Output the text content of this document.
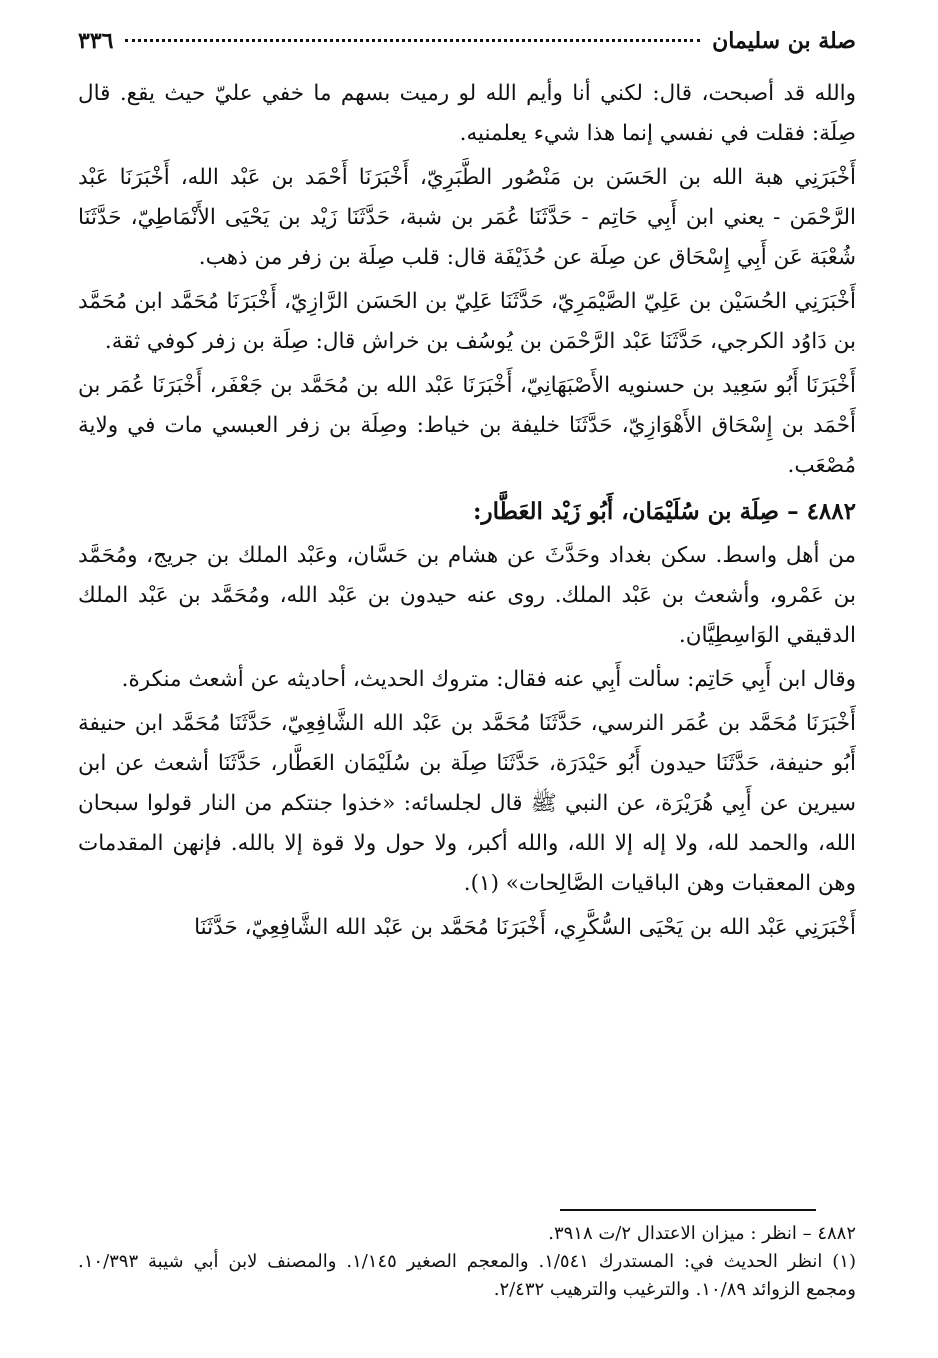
صلة بن سليمان
٣٣٦

والله قد أصبحت، قال: لكني أنا وأيم الله لو رميت بسهم ما خفي عليّ حيث يقع. قال صِلَة: فقلت في نفسي إنما هذا شيء يعلمنيه.

أَخْبَرَنِي هبة الله بن الحَسَن بن مَنْصُور الطَّبَرِيّ، أَخْبَرَنَا أَحْمَد بن عَبْد الله، أَخْبَرَنَا عَبْد الرَّحْمَن - يعني ابن أَبِي حَاتِم - حَدَّثَنَا عُمَر بن شبة، حَدَّثَنَا زَيْد بن يَحْيَى الأَنْمَاطِيّ، حَدَّثَنَا شُعْبَة عَن أَبِي إِسْحَاق عن صِلَة عن حُذَيْفَة قال: قلب صِلَة بن زفر من ذهب.

أَخْبَرَنِي الحُسَيْن بن عَلِيّ الصَّيْمَرِيّ، حَدَّثَنَا عَلِيّ بن الحَسَن الرَّازِيّ، أَخْبَرَنَا مُحَمَّد ابن مُحَمَّد بن دَاوُد الكرجي، حَدَّثَنَا عَبْد الرَّحْمَن بن يُوسُف بن خراش قال: صِلَة بن زفر كوفي ثقة.

أَخْبَرَنَا أَبُو سَعِيد بن حسنويه الأَصْبَهَانِيّ، أَخْبَرَنَا عَبْد الله بن مُحَمَّد بن جَعْفَر، أَخْبَرَنَا عُمَر بن أَحْمَد بن إِسْحَاق الأَهْوَازِيّ، حَدَّثَنَا خليفة بن خياط: وصِلَة بن زفر العبسي مات في ولاية مُصْعَب.

٤٨٨٢ – صِلَة بن سُلَيْمَان، أَبُو زَيْد العَطَّار:

من أهل واسط. سكن بغداد وحَدَّثَ عن هشام بن حَسَّان، وعَبْد الملك بن جريج، ومُحَمَّد بن عَمْرو، وأشعث بن عَبْد الملك. روى عنه حيدون بن عَبْد الله، ومُحَمَّد بن عَبْد الملك الدقيقي الوَاسِطِيَّان.

وقال ابن أَبِي حَاتِم: سألت أَبِي عنه فقال: متروك الحديث، أحاديثه عن أشعث منكرة.

أَخْبَرَنَا مُحَمَّد بن عُمَر النرسي، حَدَّثَنَا مُحَمَّد بن عَبْد الله الشَّافِعِيّ، حَدَّثَنَا مُحَمَّد ابن حنيفة أَبُو حنيفة، حَدَّثَنَا حيدون أَبُو حَيْدَرَة، حَدَّثَنَا صِلَة بن سُلَيْمَان العَطَّار، حَدَّثَنَا أشعث عن ابن سيرين عن أَبِي هُرَيْرَة، عن النبي ﷺ قال لجلسائه: «خذوا جنتكم من النار قولوا سبحان الله، والحمد لله، ولا إله إلا الله، والله أكبر، ولا حول ولا قوة إلا بالله. فإنهن المقدمات وهن المعقبات وهن الباقيات الصَّالِحات» (١).

أَخْبَرَنِي عَبْد الله بن يَحْيَى السُّكَّرِي، أَخْبَرَنَا مُحَمَّد بن عَبْد الله الشَّافِعِيّ، حَدَّثَنَا

٤٨٨٢ – انظر : ميزان الاعتدال ٢/ت ٣٩١٨.

(١) انظر الحديث في: المستدرك ١/٥٤١. والمعجم الصغير ١/١٤٥. والمصنف لابن أبي شيبة ١٠/٣٩٣. ومجمع الزوائد ١٠/٨٩. والترغيب والترهيب ٢/٤٣٢.
